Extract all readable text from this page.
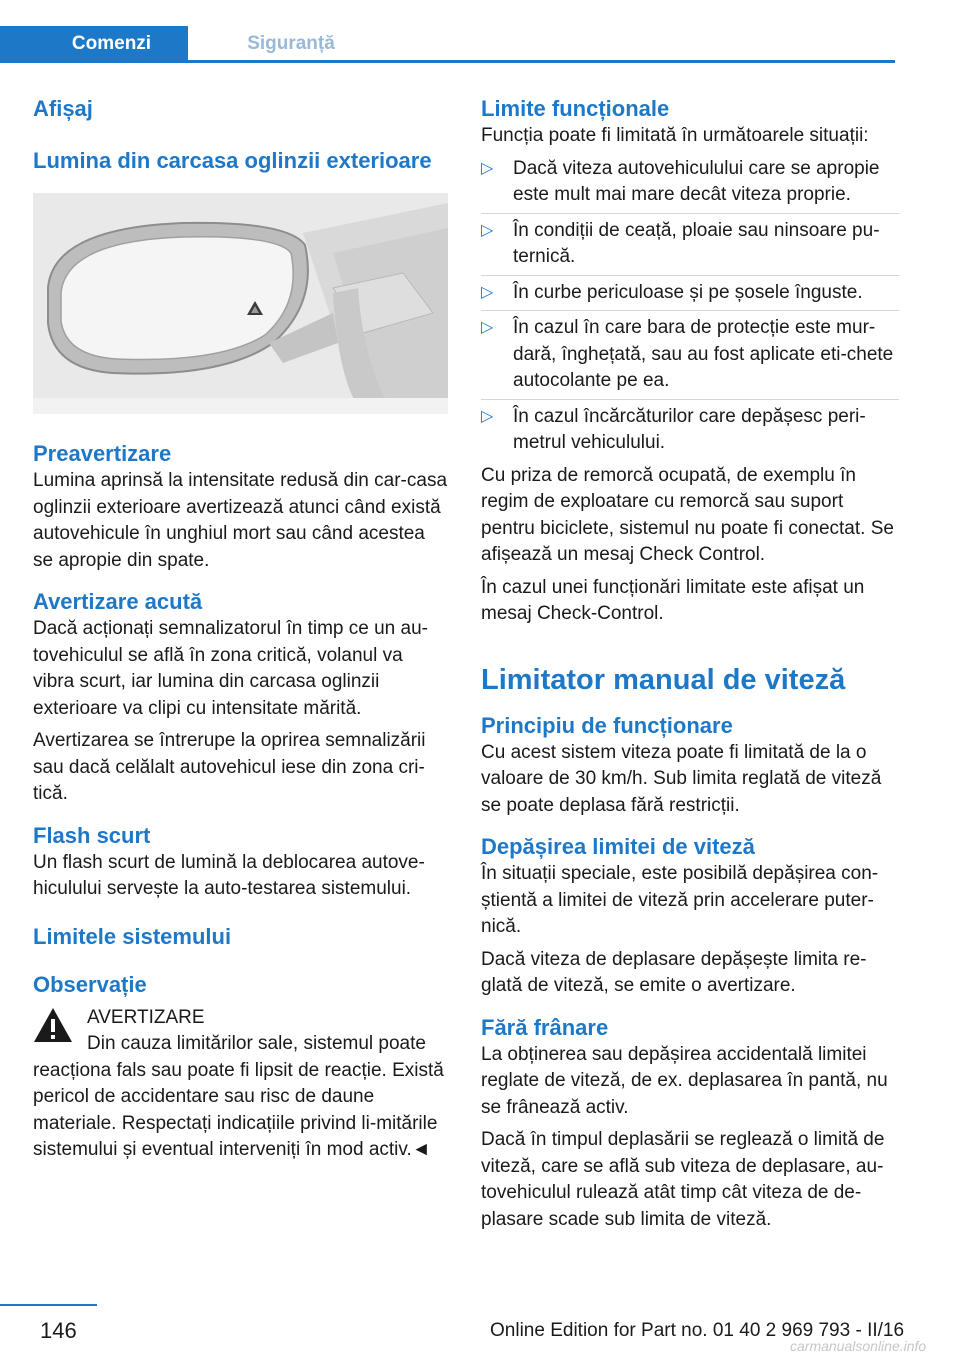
Comenzi	Siguranță
Afișaj
Lumina din carcasa oglinzii exterioare
Preavertizare

Lumina aprinsă la intensitate redusă din car‐casa oglinzii exterioare avertizează atunci când există autovehicule în unghiul mort sau când acestea se apropie din spate.

Avertizare acută

Dacă acționați semnalizatorul în timp ce un au‐tovehiculul se află în zona critică, volanul va vibra scurt, iar lumina din carcasa oglinzii exterioare va clipi cu intensitate mărită.

Avertizarea se întrerupe la oprirea semnalizării sau dacă celălalt autovehicul iese din zona cri‐tică.

Flash scurt

Un flash scurt de lumină la deblocarea autove‐hiculului servește la auto-testarea sistemului.

Limitele sistemului
Observație

AVERTIZARE

Din cauza limitărilor sale, sistemul poate

reacționa fals sau poate fi lipsit de reacție. Există pericol de accidentare sau risc de daune materiale. Respectați indicațiile privind li‐mitările sistemului și eventual interveniți în mod activ.◄

Limite funcționale

Funcția poate fi limitată în următoarele situații:

▷ Dacă viteza autovehiculului care se apropie este mult mai mare decât viteza proprie.
▷ În condiții de ceață, ploaie sau ninsoare pu‐ternică.
▷ În curbe periculoase și pe șosele înguste.
▷ În cazul în care bara de protecție este mur‐dară, înghețată, sau au fost aplicate eti‐chete autocolante pe ea.
▷ În cazul încărcăturilor care depășesc peri‐metrul vehiculului.

Cu priza de remorcă ocupată, de exemplu în regim de exploatare cu remorcă sau suport pentru biciclete, sistemul nu poate fi conectat. Se afișează un mesaj Check Control.

În cazul unei funcționări limitate este afișat un mesaj Check-Control.

Limitator manual de viteză
Principiu de funcționare

Cu acest sistem viteza poate fi limitată de la o valoare de 30 km/h. Sub limita reglată de viteză se poate deplasa fără restricții.

Depășirea limitei de viteză

În situații speciale, este posibilă depășirea con‐știentă a limitei de viteză prin accelerare puter‐nică.

Dacă viteza de deplasare depășește limita re‐glată de viteză, se emite o avertizare.

Fără frânare

La obținerea sau depășirea accidentală limitei reglate de viteză, de ex. deplasarea în pantă, nu se frânează activ.

Dacă în timpul deplasării se reglează o limită de viteză, care se află sub viteza de deplasare, au‐tovehiculul rulează atât timp cât viteza de de‐plasare scade sub limita de viteză.

146	Online Edition for Part no. 01 40 2 969 793 - II/16
carmanualsonline.info
